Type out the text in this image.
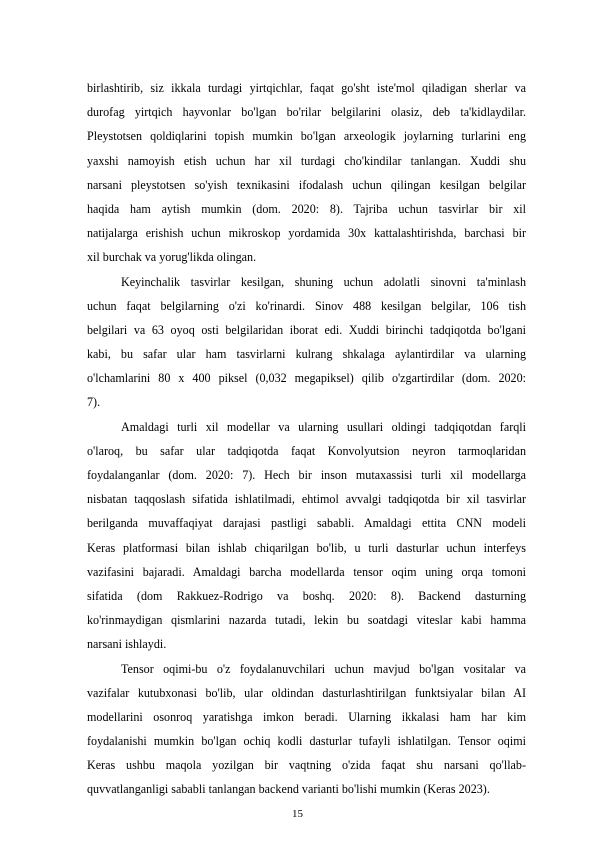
birlashtirib, siz ikkala turdagi yirtqichlar, faqat go'sht iste'mol qiladigan sherlar va
durofag yirtqich hayvonlar bo'lgan bo'rilar belgilarini olasiz, deb ta'kidlaydilar.
Pleystotsen qoldiqlarini topish mumkin bo'lgan arxeologik joylarning turlarini eng
yaxshi namoyish etish uchun har xil turdagi cho'kindilar tanlangan. Xuddi shu
narsani pleystotsen so'yish texnikasini ifodalash uchun qilingan kesilgan belgilar
haqida ham aytish mumkin (dom. 2020: 8). Tajriba uchun tasvirlar bir xil
natijalarga erishish uchun mikroskop yordamida 30x kattalashtirishda, barchasi bir
xil burchak va yorug'likda olingan.
Keyinchalik tasvirlar kesilgan, shuning uchun adolatli sinovni ta'minlash
uchun faqat belgilarning o'zi ko'rinardi. Sinov 488 kesilgan belgilar, 106 tish
belgilari va 63 oyoq osti belgilaridan iborat edi. Xuddi birinchi tadqiqotda bo'lgani
kabi, bu safar ular ham tasvirlarni kulrang shkalaga aylantirdilar va ularning
o'lchamlarini 80 x 400 piksel (0,032 megapiksel) qilib o'zgartirdilar (dom. 2020:
7).
Amaldagi turli xil modellar va ularning usullari oldingi tadqiqotdan farqli
o'laroq, bu safar ular tadqiqotda faqat Konvolyutsion neyron tarmoqlaridan
foydalanganlar (dom. 2020: 7). Hech bir inson mutaxassisi turli xil modellarga
nisbatan taqqoslash sifatida ishlatilmadi, ehtimol avvalgi tadqiqotda bir xil tasvirlar
berilganda muvaffaqiyat darajasi pastligi sababli. Amaldagi ettita CNN modeli
Keras platformasi bilan ishlab chiqarilgan bo'lib, u turli dasturlar uchun interfeys
vazifasini bajaradi. Amaldagi barcha modellarda tensor oqim uning orqa tomoni
sifatida (dom Rakkuez-Rodrigo va boshq. 2020: 8). Backend dasturning
ko'rinmaydigan qismlarini nazarda tutadi, lekin bu soatdagi viteslar kabi hamma
narsani ishlaydi.
Tensor oqimi-bu o'z foydalanuvchilari uchun mavjud bo'lgan vositalar va
vazifalar kutubxonasi bo'lib, ular oldindan dasturlashtirilgan funktsiyalar bilan AI
modellarini osonroq yaratishga imkon beradi. Ularning ikkalasi ham har kim
foydalanishi mumkin bo'lgan ochiq kodli dasturlar tufayli ishlatilgan. Tensor oqimi
Keras ushbu maqola yozilgan bir vaqtning o'zida faqat shu narsani qo'llab-
quvvatlanganligi sababli tanlangan backend varianti bo'lishi mumkin (Keras 2023).
15
